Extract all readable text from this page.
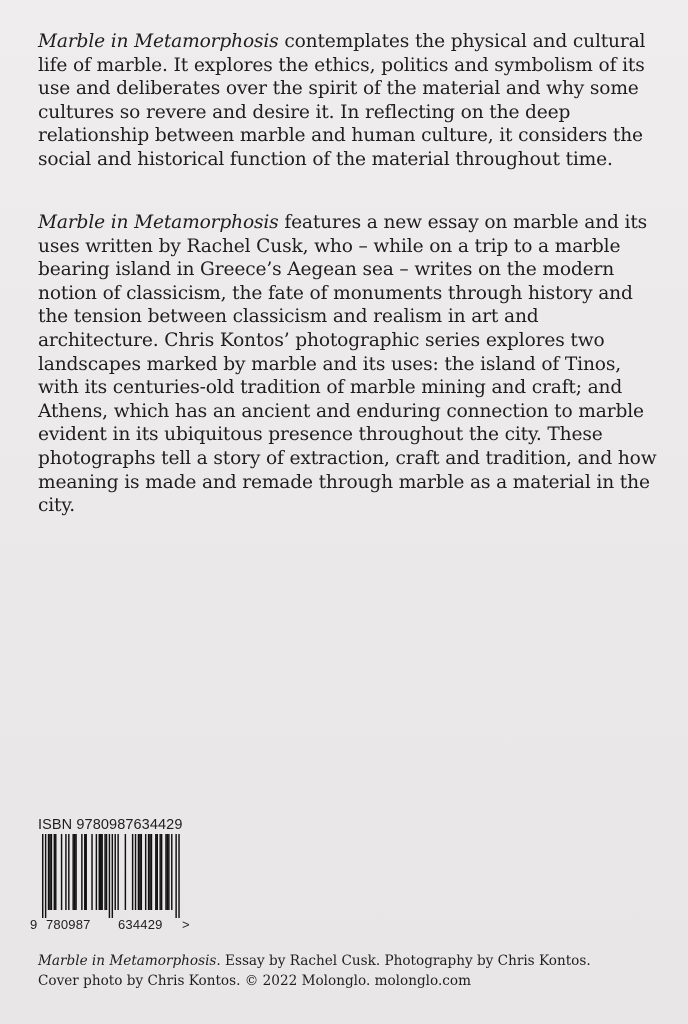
Marble in Metamorphosis contemplates the physical and cultural life of marble. It explores the ethics, politics and symbolism of its use and deliberates over the spirit of the material and why some cultures so revere and desire it. In reflecting on the deep relationship between marble and human culture, it considers the social and historical function of the material throughout time.

Marble in Metamorphosis features a new essay on marble and its uses written by Rachel Cusk, who – while on a trip to a marble bearing island in Greece’s Aegean sea – writes on the modern notion of classicism, the fate of monuments through history and the tension between classicism and realism in art and architecture. Chris Kontos’ photographic series explores two landscapes marked by marble and its uses: the island of Tinos, with its centuries-old tradition of marble mining and craft; and Athens, which has an ancient and enduring connection to marble evident in its ubiquitous presence throughout the city. These photographs tell a story of extraction, craft and tradition, and how meaning is made and remade through marble as a material in the city.

ISBN 9780987634429
9 780987 634429 >

Marble in Metamorphosis. Essay by Rachel Cusk. Photography by Chris Kontos.
Cover photo by Chris Kontos. © 2022 Molonglo. molonglo.com
